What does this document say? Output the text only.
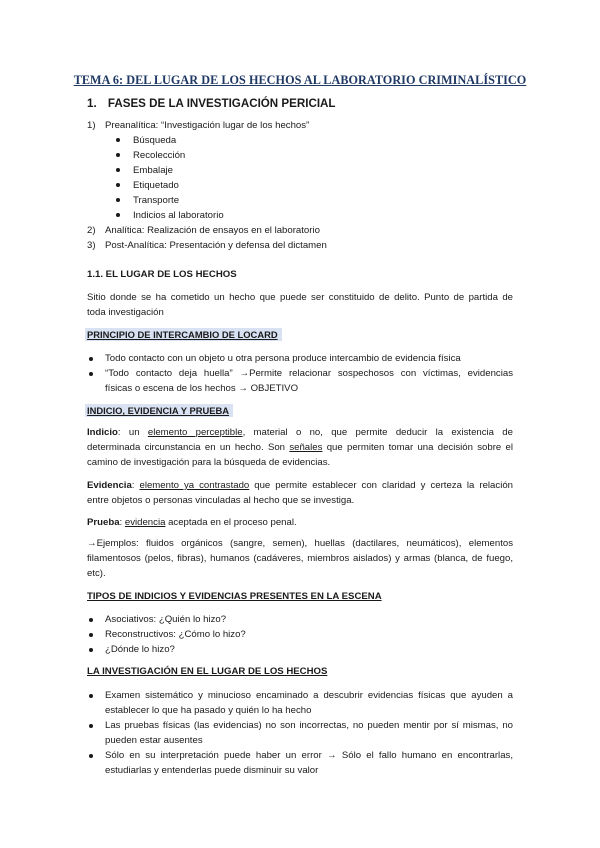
TEMA 6: DEL LUGAR DE LOS HECHOS AL LABORATORIO CRIMINALÍSTICO
1. FASES DE LA INVESTIGACIÓN PERICIAL
1) Preanalítica: “Investigación lugar de los hechos”
Búsqueda
Recolección
Embalaje
Etiquetado
Transporte
Indicios al laboratorio
2) Analítica: Realización de ensayos en el laboratorio
3) Post-Analítica: Presentación y defensa del dictamen
1.1. EL LUGAR DE LOS HECHOS
Sitio donde se ha cometido un hecho que puede ser constituido de delito. Punto de partida de
toda investigación
PRINCIPIO DE INTERCAMBIO DE LOCARD
Todo contacto con un objeto u otra persona produce intercambio de evidencia física
“Todo contacto deja huella” →Permite relacionar sospechosos con víctimas, evidencias
físicas o escena de los hechos → OBJETIVO
INDICIO, EVIDENCIA Y PRUEBA
Indicio: un elemento perceptible, material o no, que permite deducir la existencia de
determinada circunstancia en un hecho. Son señales que permiten tomar una decisión sobre el
camino de investigación para la búsqueda de evidencias.
Evidencia: elemento ya contrastado que permite establecer con claridad y certeza la relación
entre objetos o personas vinculadas al hecho que se investiga.
Prueba: evidencia aceptada en el proceso penal.
→Ejemplos: fluidos orgánicos (sangre, semen), huellas (dactilares, neumáticos), elementos
filamentosos (pelos, fibras), humanos (cadáveres, miembros aislados) y armas (blanca, de fuego,
etc).
TIPOS DE INDICIOS Y EVIDENCIAS PRESENTES EN LA ESCENA
Asociativos: ¿Quién lo hizo?
Reconstructivos: ¿Cómo lo hizo?
¿Dónde lo hizo?
LA INVESTIGACIÓN EN EL LUGAR DE LOS HECHOS
Examen sistemático y minucioso encaminado a descubrir evidencias físicas que ayuden a
establecer lo que ha pasado y quién lo ha hecho
Las pruebas físicas (las evidencias) no son incorrectas, no pueden mentir por sí mismas, no
pueden estar ausentes
Sólo en su interpretación puede haber un error → Sólo el fallo humano en encontrarlas,
estudiarlas y entenderlas puede disminuir su valor
